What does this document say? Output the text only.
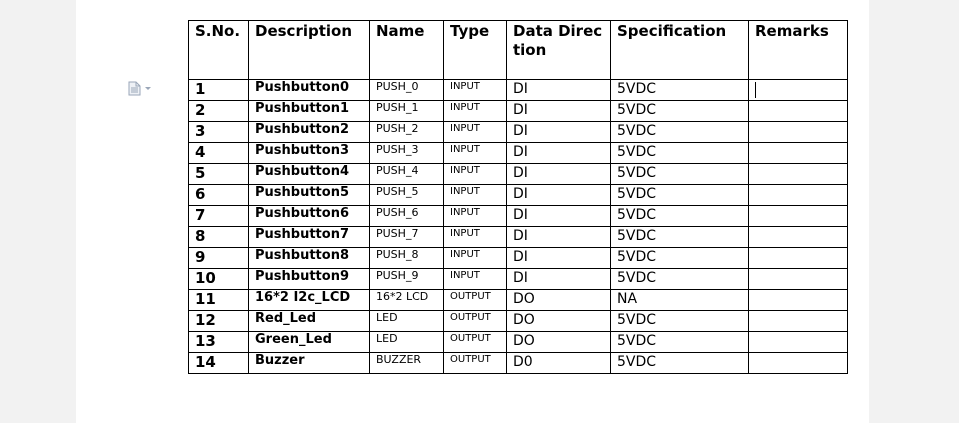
S.No.	Description	Name	Type	Data Direction	Specification	Remarks
1	Pushbutton0	PUSH_0	INPUT	DI	5VDC	

2	Pushbutton1	PUSH_1	INPUT	DI	5VDC	
3	Pushbutton2	PUSH_2	INPUT	DI	5VDC	
4	Pushbutton3	PUSH_3	INPUT	DI	5VDC	
5	Pushbutton4	PUSH_4	INPUT	DI	5VDC	
6	Pushbutton5	PUSH_5	INPUT	DI	5VDC	
7	Pushbutton6	PUSH_6	INPUT	DI	5VDC	
8	Pushbutton7	PUSH_7	INPUT	DI	5VDC	
9	Pushbutton8	PUSH_8	INPUT	DI	5VDC	
10	Pushbutton9	PUSH_9	INPUT	DI	5VDC	
11	16*2 I2c_LCD	16*2 LCD	OUTPUT	DO	NA	
12	Red_Led	LED	OUTPUT	DO	5VDC	
13	Green_Led	LED	OUTPUT	DO	5VDC	
14	Buzzer	BUZZER	OUTPUT	D0	5VDC	
